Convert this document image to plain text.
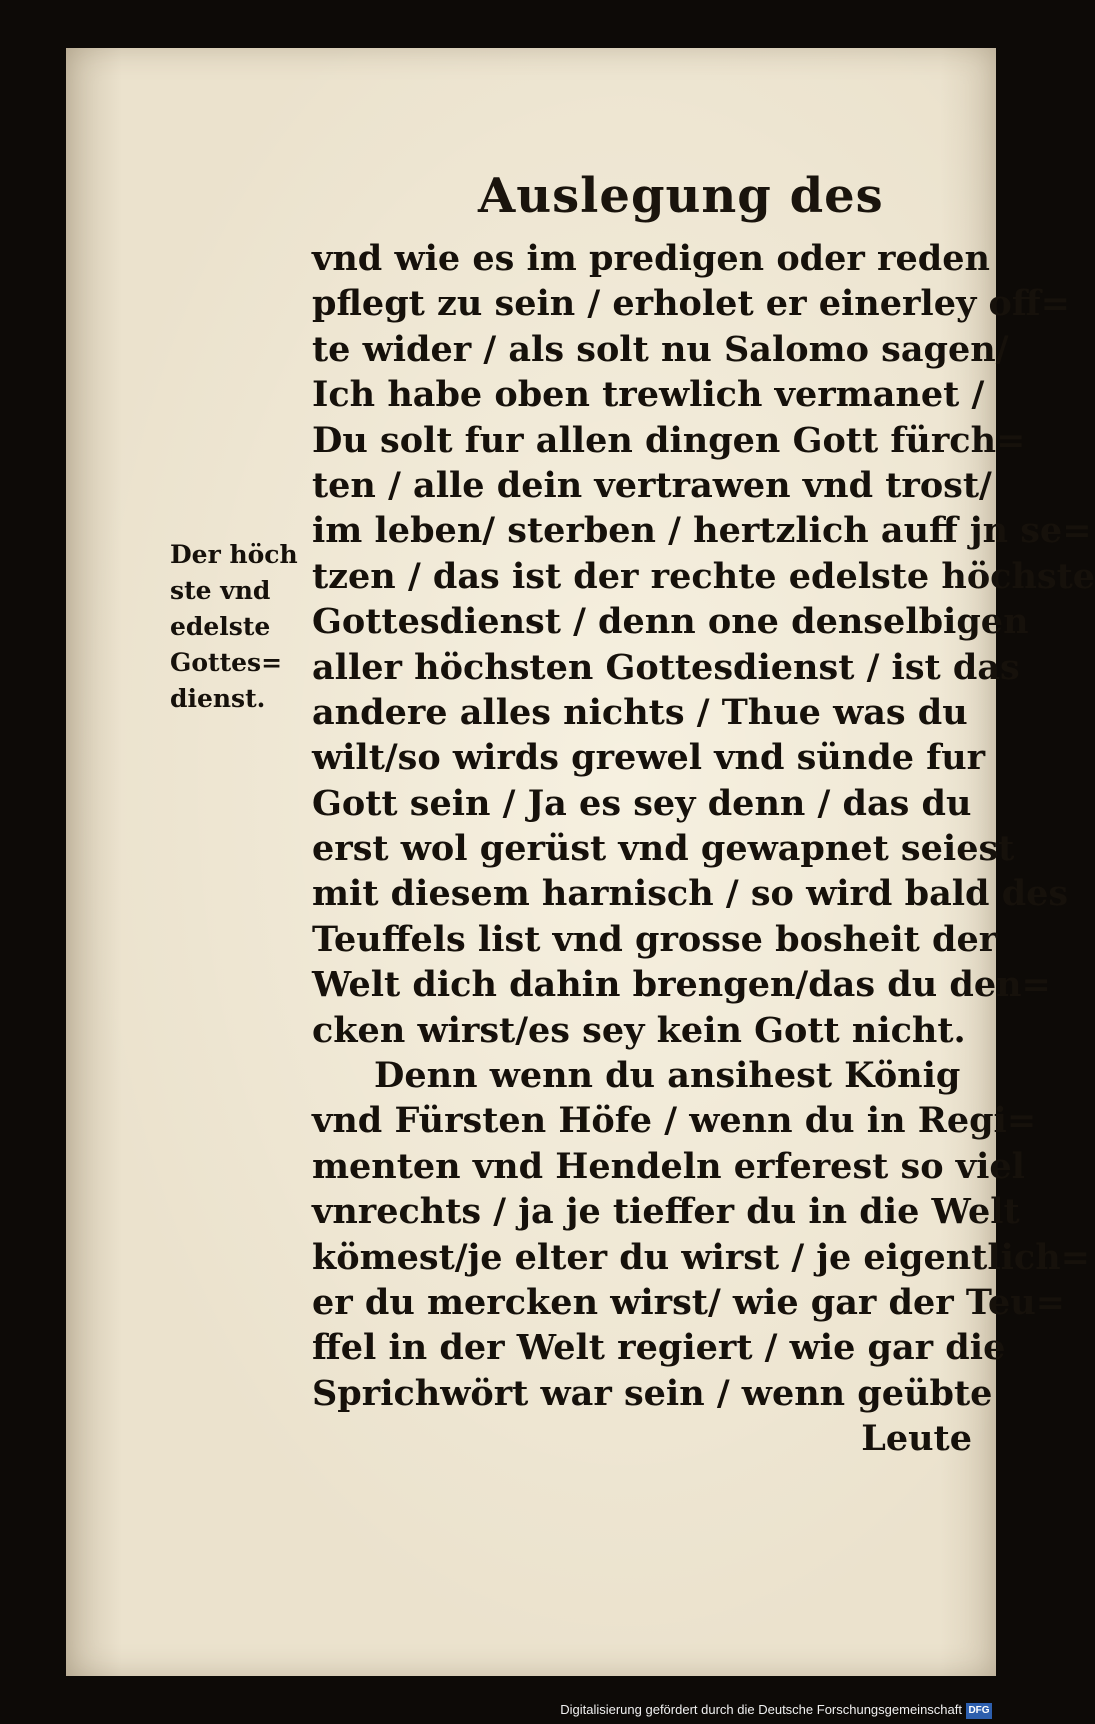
Auslegung des
Der höch
ste vnd
edelste
Gottes=
dienst.
vnd wie es im predigen oder reden
pflegt zu sein / erholet er einerley off=
te wider / als solt nu Salomo sagen/
Ich habe oben trewlich vermanet /
Du solt fur allen dingen Gott fürch=
ten / alle dein vertrawen vnd trost/
im leben/ sterben / hertzlich auff jn se=
tzen / das ist der rechte edelste höchste
Gottesdienst / denn one denselbigen
aller höchsten Gottesdienst / ist das
andere alles nichts / Thue was du
wilt/so wirds grewel vnd sünde fur
Gott sein / Ja es sey denn / das du
erst wol gerüst vnd gewapnet seiest
mit diesem harnisch / so wird bald des
Teuffels list vnd grosse bosheit der
Welt dich dahin brengen/das du den=
cken wirst/es sey kein Gott nicht.
Denn wenn du ansihest König
vnd Fürsten Höfe / wenn du in Regi=
menten vnd Hendeln erferest so viel
vnrechts / ja je tieffer du in die Welt
kömest/je elter du wirst / je eigentlich=
er du mercken wirst/ wie gar der Teu=
ffel in der Welt regiert / wie gar die
Sprichwört war sein / wenn geübte
Leute
Digitalisierung gefördert durch die Deutsche Forschungsgemeinschaft DFG
